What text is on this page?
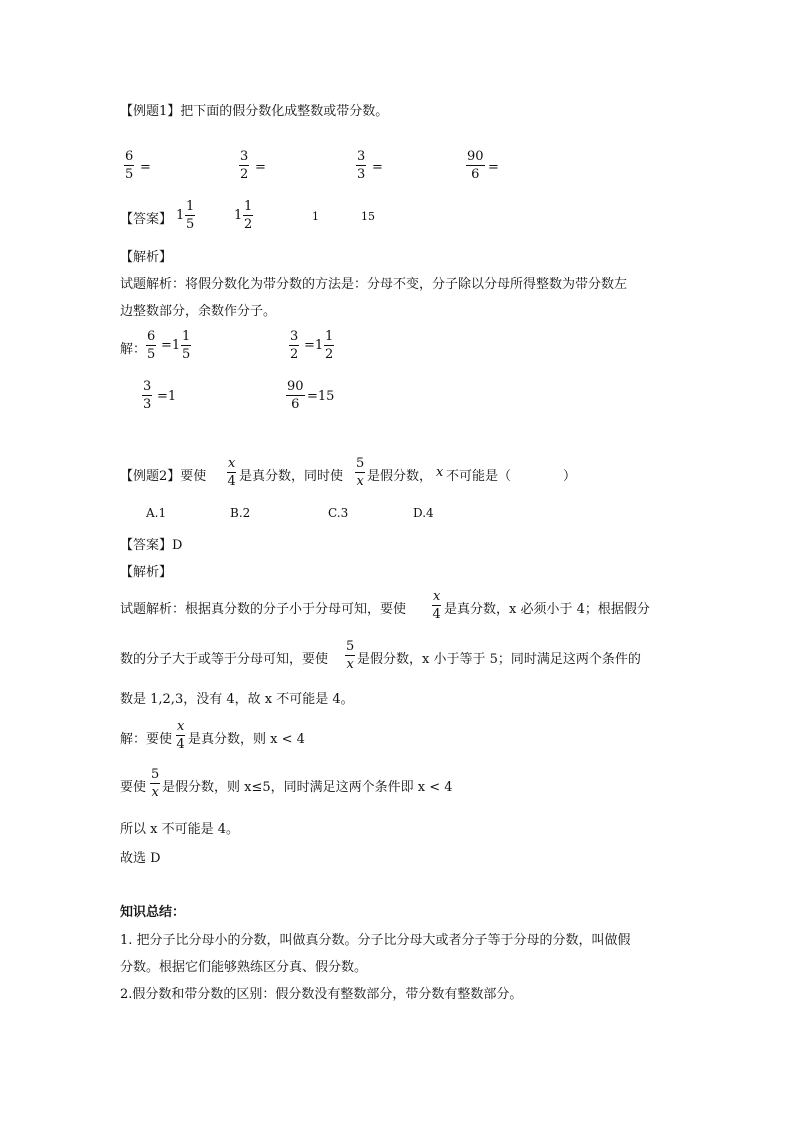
【例题1】把下面的假分数化成整数或带分数。
$\frac{6}{5}$ =	$\frac{3}{2}$ =	$\frac{3}{3}$ =	$\frac{90}{6}$ =
【答案】 $1 \frac{1}{5}$	$1 \frac{1}{2}$	1	15
【解析】
试题解析：将假分数化为带分数的方法是：分母不变，分子除以分母所得整数为带分数左
边整数部分，余数作分子。
解： $\frac{6}{5} =1 \frac{1}{5}$	$\frac{3}{2} =1 \frac{1}{2}$
$\frac{3}{3} =1$	$\frac{90}{6} =15$
【例题2】要使 $\frac{x}{4}$ 是真分数，同时使 $\frac{5}{x}$ 是假分数， x 不可能是（　　　　）
A.1	B.2	C.3	D.4
【答案】D
【解析】
试题解析：根据真分数的分子小于分母可知，要使 $\frac{x}{4}$ 是真分数，x 必须小于 4；根据假分
数的分子大于或等于分母可知，要使 $\frac{5}{x}$ 是假分数，x 小于等于 5；同时满足这两个条件的
数是 1,2,3，没有 4，故 x 不可能是 4。
解：要使 $\frac{x}{4}$ 是真分数，则 x < 4
要使 $\frac{5}{x}$ 是假分数，则 x≤5，同时满足这两个条件即 x < 4
所以 x 不可能是 4。
故选 D
知识总结：
1. 把分子比分母小的分数，叫做真分数。分子比分母大或者分子等于分母的分数，叫做假
分数。根据它们能够熟练区分真、假分数。
2.假分数和带分数的区别：假分数没有整数部分，带分数有整数部分。
